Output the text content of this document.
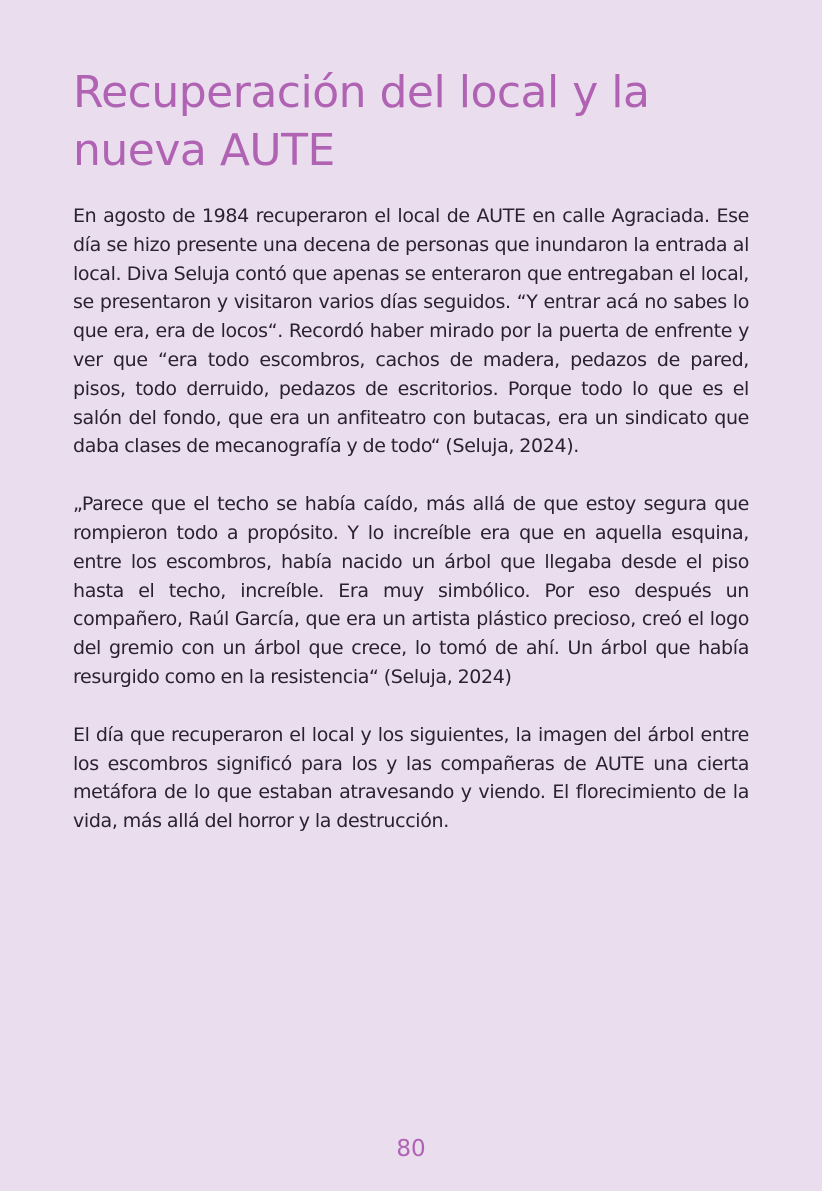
Recuperación del local y la nueva AUTE

En agosto de 1984 recuperaron el local de AUTE en calle Agraciada. Ese día se hizo presente una decena de personas que inundaron la entrada al local. Diva Seluja contó que apenas se enteraron que entregaban el local, se presentaron y visitaron varios días seguidos. “Y entrar acá no sabes lo que era, era de locos“. Recordó haber mirado por la puerta de enfrente y ver que “era todo escombros, cachos de madera, pedazos de pared, pisos, todo derruido, pedazos de escritorios. Porque todo lo que es el salón del fondo, que era un anfiteatro con butacas, era un sindicato que daba clases de mecanografía y de todo“ (Seluja, 2024).

„Parece que el techo se había caído, más allá de que estoy segura que rompieron todo a propósito. Y lo increíble era que en aquella esquina, entre los escombros, había nacido un árbol que llegaba desde el piso hasta el techo, increíble. Era muy simbólico. Por eso después un compañero, Raúl García, que era un artista plástico precioso, creó el logo del gremio con un árbol que crece, lo tomó de ahí. Un árbol que había resurgido como en la resistencia“ (Seluja, 2024)

El día que recuperaron el local y los siguientes, la imagen del árbol entre los escombros significó para los y las compañeras de AUTE una cierta metáfora de lo que estaban atravesando y viendo. El florecimiento de la vida, más allá del horror y la destrucción.

80
